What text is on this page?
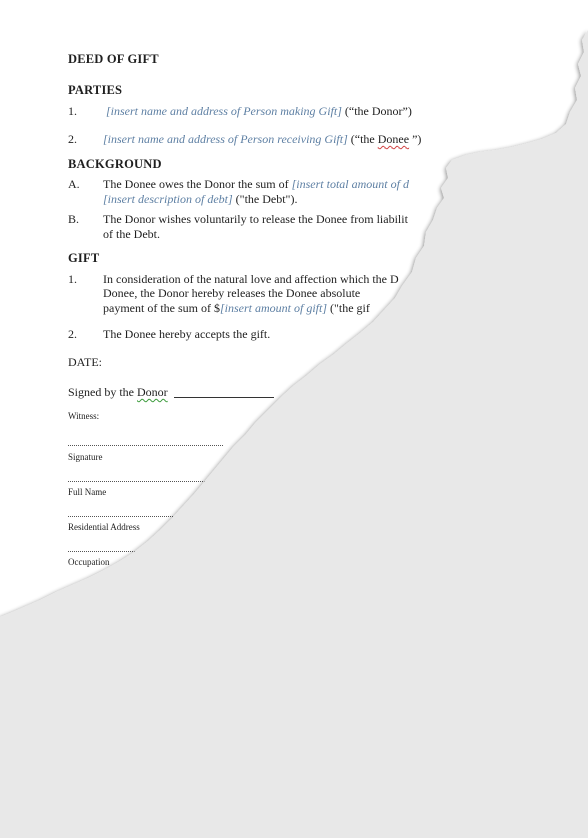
DEED OF GIFT
PARTIES
1. [insert name and address of Person making Gift] (“the Donor”)
2. [insert name and address of Person receiving Gift] (“the Donee ”)
BACKGROUND
A. The Donee owes the Donor the sum of [insert total amount of d
[insert description of debt] ("the Debt").
B. The Donor wishes voluntarily to release the Donee from liabilit
of the Debt.
GIFT
1. In consideration of the natural love and affection which the D
Donee, the Donor hereby releases the Donee absolute
payment of the sum of $[insert amount of gift] ("the gif
2. The Donee hereby accepts the gift.
DATE:
Signed by the Donor
Witness:
Signature
Full Name
Residential Address
Occupation
